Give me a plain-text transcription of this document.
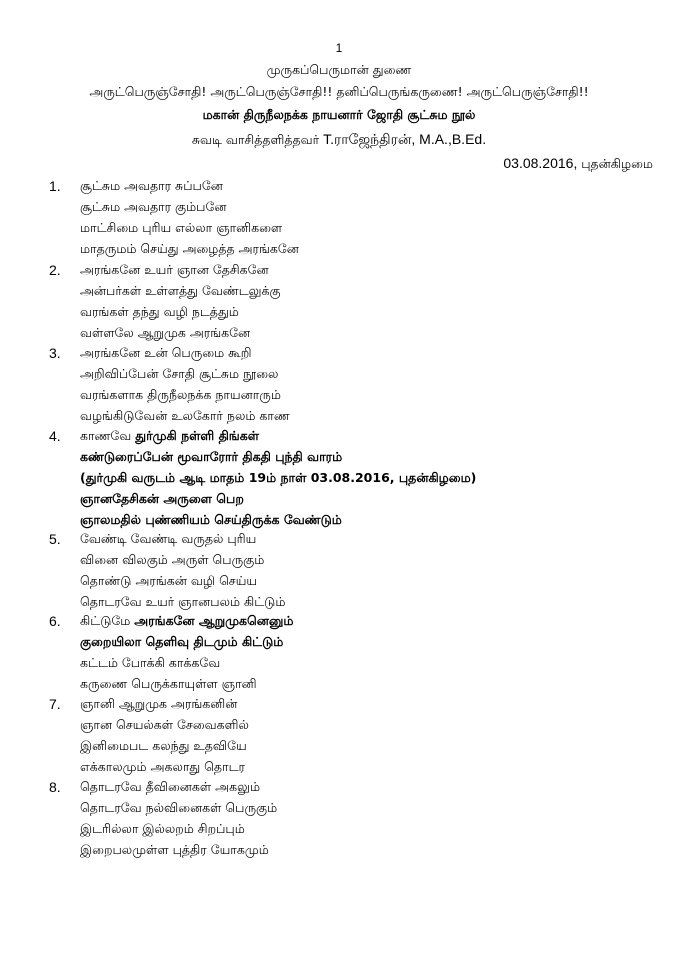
1
முருகப்பெருமான் துணை
அருட்பெருஞ்சோதி! அருட்பெருஞ்சோதி!! தனிப்பெருங்கருணை! அருட்பெருஞ்சோதி!!
மகான் திருநீலநக்க நாயனார் ஜோதி சூட்சும நூல்
சுவடி வாசித்தளித்தவர் T.ராஜேந்திரன், M.A.,B.Ed.
03.08.2016, புதன்கிழமை
1. சூட்சும அவதார சுப்பனே
சூட்சும அவதார கும்பனே
மாட்சிமை புரிய எல்லா ஞானிகளை
மாதருமம் செய்து அழைத்த அரங்கனே
2. அரங்கனே உயர் ஞான தேசிகனே
அன்பர்கள் உள்ளத்து வேண்டலுக்கு
வரங்கள் தந்து வழி நடத்தும்
வள்ளலே ஆறுமுக அரங்கனே
3. அரங்கனே உன் பெருமை கூறி
அறிவிப்பேன் சோதி சூட்சும நூலை
வரங்களாக திருநீலநக்க நாயனாரும்
வழங்கிடுவேன் உலகோர் நலம் காண
4. காணவே துர்முகி நள்ளி திங்கள்
கண்டுரைப்பேன் மூவாரோர் திகதி புந்தி வாரம்
(துர்முகி வருடம் ஆடி மாதம் 19ம் நாள் 03.08.2016, புதன்கிழமை)
ஞானதேசிகன் அருளை பெற
ஞாலமதில் புண்ணியம் செய்திருக்க வேண்டும்
5. வேண்டி வேண்டி வருதல் புரிய
வினை விலகும் அருள் பெருகும்
தொண்டு அரங்கன் வழி செய்ய
தொடரவே உயர் ஞானபலம் கிட்டும்
6. கிட்டுமே அரங்கனே ஆறுமுகனெனும்
குறையிலா தெளிவு திடமும் கிட்டும்
கட்டம் போக்கி காக்கவே
கருணை பெருக்காயுள்ள ஞானி
7. ஞானி ஆறுமுக அரங்கனின்
ஞான செயல்கள் சேவைகளில்
இனிமைபட கலந்து உதவியே
எக்காலமும் அகலாது தொடர
8. தொடரவே தீவினைகள் அகலும்
தொடரவே நல்வினைகள் பெருகும்
இடரில்லா இல்லறம் சிறப்பும்
இறைபலமுள்ள புத்திர யோகமும்
